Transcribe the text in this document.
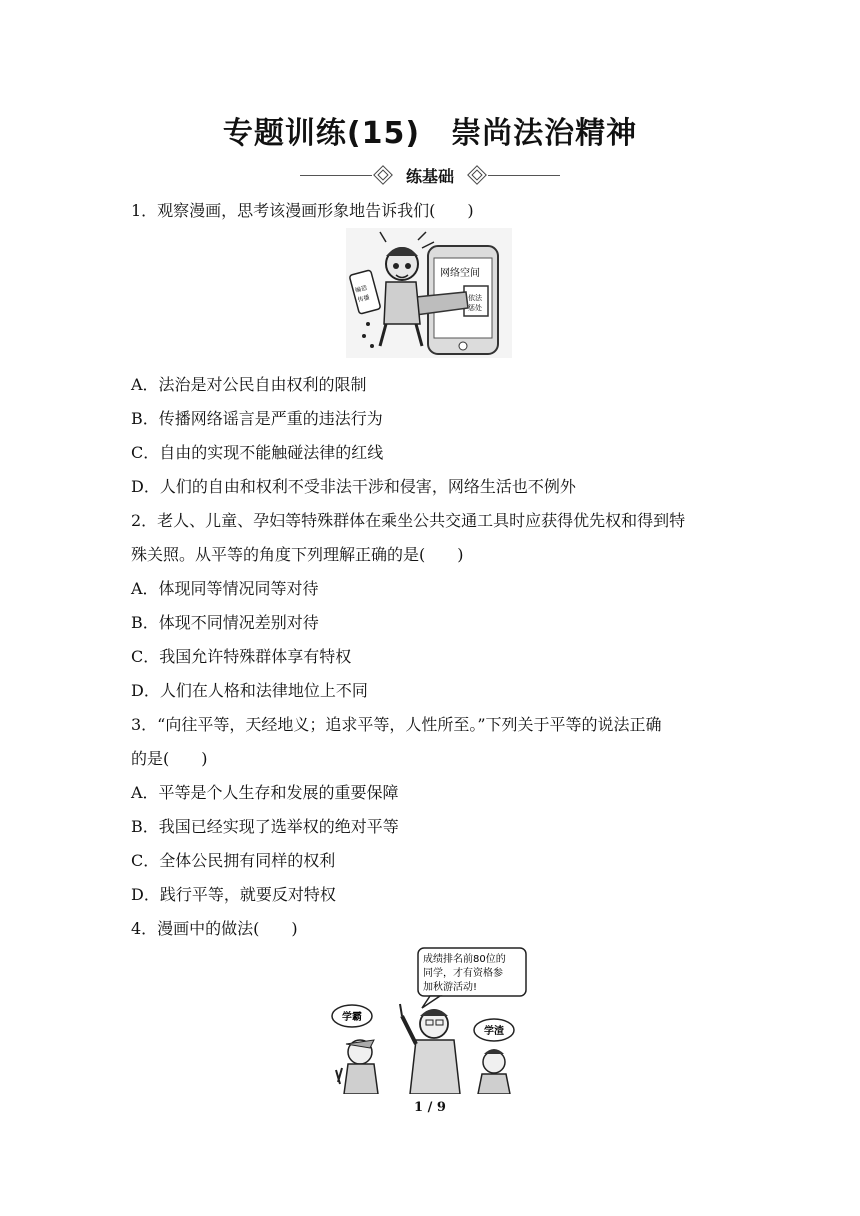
专题训练(15)　崇尚法治精神
练基础
1．观察漫画，思考该漫画形象地告诉我们(　　)
网络空间
依法
惩处
编造
传播
A．法治是对公民自由权利的限制
B．传播网络谣言是严重的违法行为
C．自由的实现不能触碰法律的红线
D．人们的自由和权利不受非法干涉和侵害，网络生活也不例外
2．老人、儿童、孕妇等特殊群体在乘坐公共交通工具时应获得优先权和得到特
殊关照。从平等的角度下列理解正确的是(　　)
A．体现同等情况同等对待
B．体现不同情况差别对待
C．我国允许特殊群体享有特权
D．人们在人格和法律地位上不同
3．“向往平等，天经地义；追求平等，人性所至。”下列关于平等的说法正确
的是(　　)
A．平等是个人生存和发展的重要保障
B．我国已经实现了选举权的绝对平等
C．全体公民拥有同样的权利
D．践行平等，就要反对特权
4．漫画中的做法(　　)
成绩排名前80位的
同学，才有资格参
加秋游活动!
学霸
学渣
1 / 9
